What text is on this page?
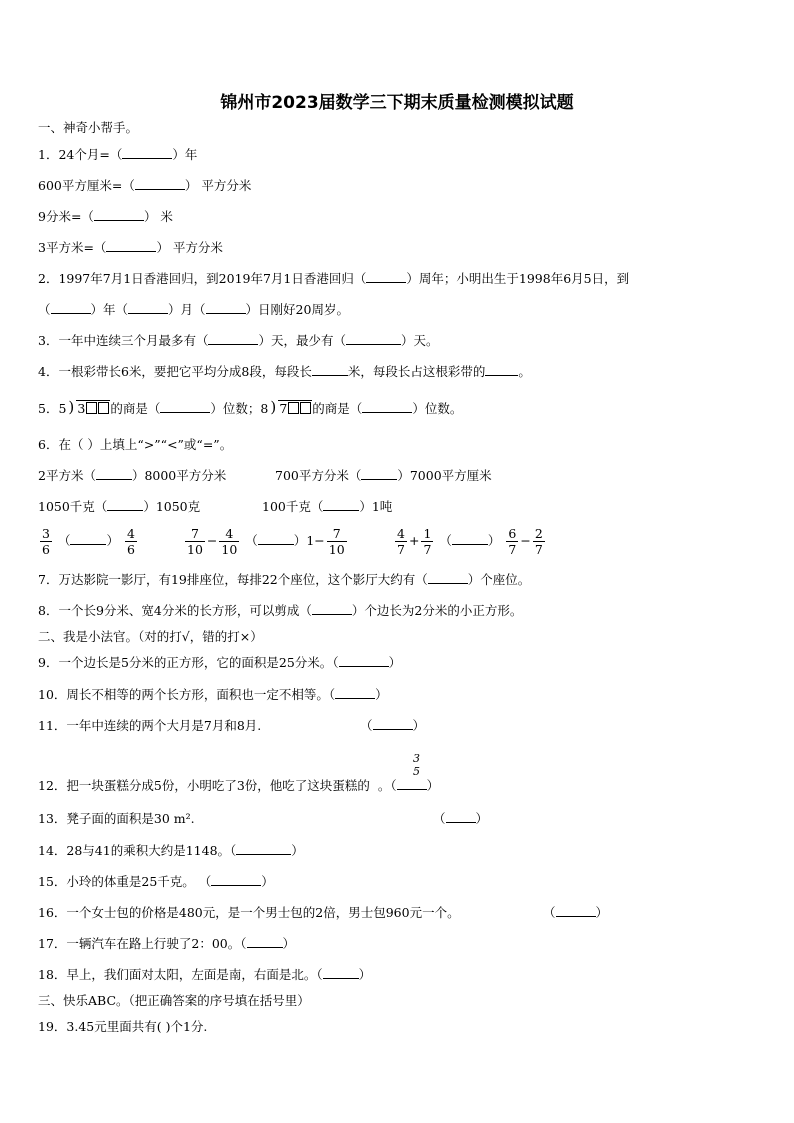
锦州市2023届数学三下期末质量检测模拟试题
一、神奇小帮手。
1．24个月=（	）年
600平方厘米=（	） 平方分米
9分米=（	） 米
3平方米=（	） 平方分米
2．1997年7月1日香港回归，到2019年7月1日香港回归（	）周年；小明出生于1998年6月5日，到
（	）年（	）月（	）日刚好20周岁。
3．一年中连续三个月最多有（	）天，最少有（	）天。
4．一根彩带长6米，要把它平均分成8段，每段长	米，每段长占这根彩带的	。
5．5 ) 3 的商是（	）位数；8 ) 7 的商是（	）位数。
6．在（ ）上填上“>”“<”或“=”。
2平方米（	）8000平方分米	700平方分米（	）7000平方厘米
1050千克（	）1050克	100千克（	）1吨
$\frac{3}{6}$ （	） $\frac{4}{6}$	$\frac{7}{10} - \frac{4}{10}$ （	）$1- \frac{7}{10}$	$\frac{4}{7} + \frac{1}{7}$ （	） $\frac{6}{7} - \frac{2}{7}$
7．万达影院一影厅，有19排座位，每排22个座位，这个影厅大约有（	）个座位。
8．一个长9分米、宽4分米的长方形，可以剪成（	）个边长为2分米的小正方形。
二、我是小法官。（对的打√，错的打×）
9．一个边长是5分米的正方形，它的面积是25分米。（	）
10．周长不相等的两个长方形，面积也一定不相等。（	）
11．一年中连续的两个大月是7月和8月.	（	）
12．把一块蛋糕分成5份，小明吃了3份，他吃了这块蛋糕的 。（ ）
3
5
13．凳子面的面积是30 m².	（ ）
14．28与41的乘积大约是1148。（	）
15．小玲的体重是25千克。 （	）
16．一个女士包的价格是480元，是一个男士包的2倍，男士包960元一个。	（	）
17．一辆汽车在路上行驶了2：00。（	）
18．早上，我们面对太阳，左面是南，右面是北。（	）
三、快乐ABC。（把正确答案的序号填在括号里）
19．3.45元里面共有( )个1分.
